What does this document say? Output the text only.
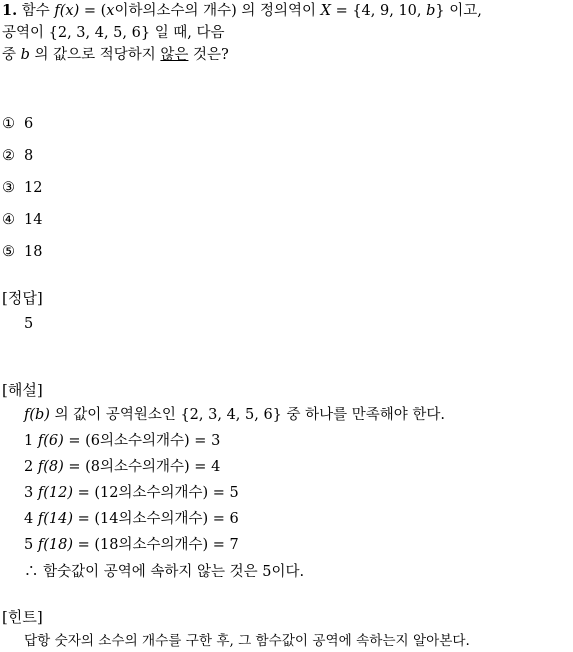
1. 함수 f(x) = (x이하의소수의 개수) 의 정의역이 X = {4, 9, 10, b} 이고,
공역이 {2, 3, 4, 5, 6} 일 때, 다음
중 b 의 값으로 적당하지 않은 것은?
① 6
② 8
③ 12
④ 14
⑤ 18
[정답]
5
[해설]
f(b) 의 값이 공역원소인 {2, 3, 4, 5, 6} 중 하나를 만족해야 한다.
1 f(6) = (6의소수의개수) = 3
2 f(8) = (8의소수의개수) = 4
3 f(12) = (12의소수의개수) = 5
4 f(14) = (14의소수의개수) = 6
5 f(18) = (18의소수의개수) = 7
∴ 함숫값이 공역에 속하지 않는 것은 5이다.
[힌트]
답항 숫자의 소수의 개수를 구한 후, 그 함수값이 공역에 속하는지 알아본다.
